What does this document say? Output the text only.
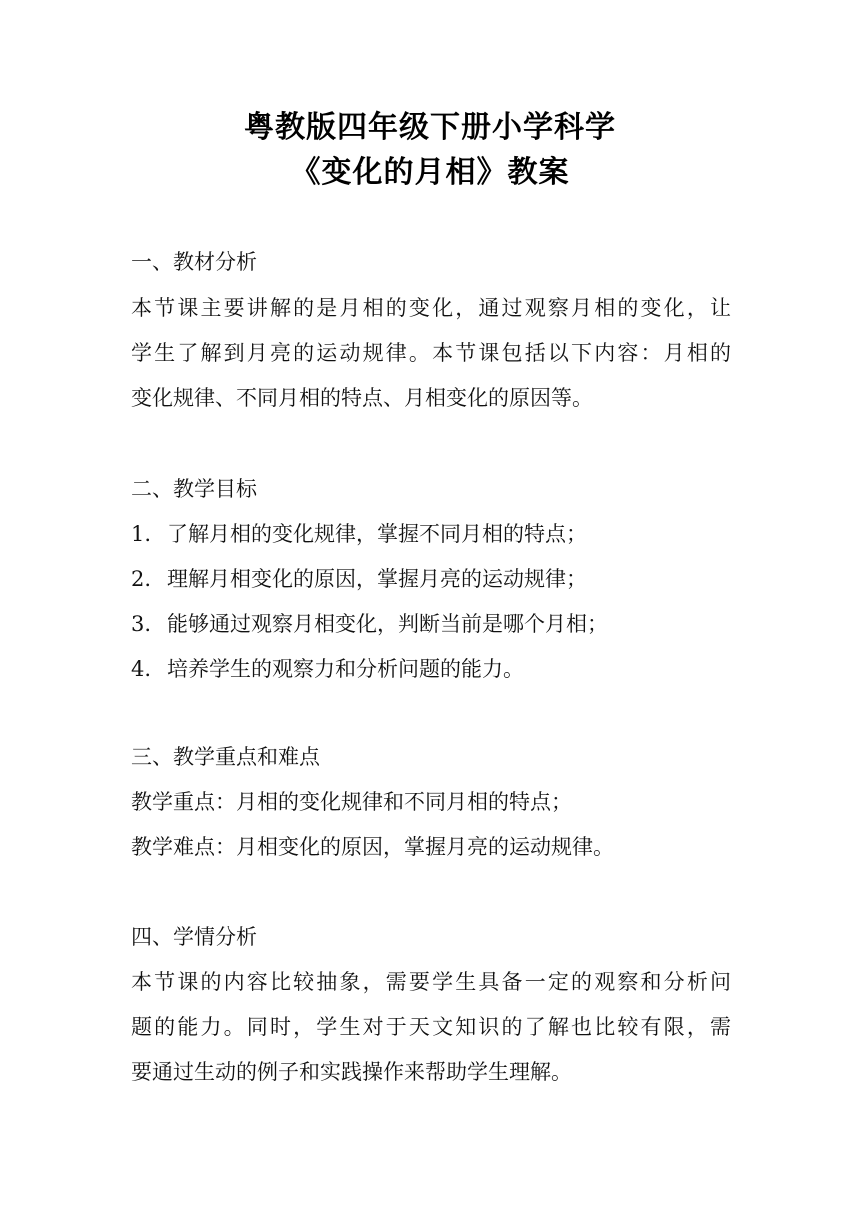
粤教版四年级下册小学科学
《变化的月相》教案
一、教材分析
本节课主要讲解的是月相的变化，通过观察月相的变化，让
学生了解到月亮的运动规律。本节课包括以下内容：月相的
变化规律、不同月相的特点、月相变化的原因等。
二、教学目标
1. 了解月相的变化规律，掌握不同月相的特点；
2. 理解月相变化的原因，掌握月亮的运动规律；
3. 能够通过观察月相变化，判断当前是哪个月相；
4. 培养学生的观察力和分析问题的能力。
三、教学重点和难点
教学重点：月相的变化规律和不同月相的特点；
教学难点：月相变化的原因，掌握月亮的运动规律。
四、学情分析
本节课的内容比较抽象，需要学生具备一定的观察和分析问
题的能力。同时，学生对于天文知识的了解也比较有限，需
要通过生动的例子和实践操作来帮助学生理解。
